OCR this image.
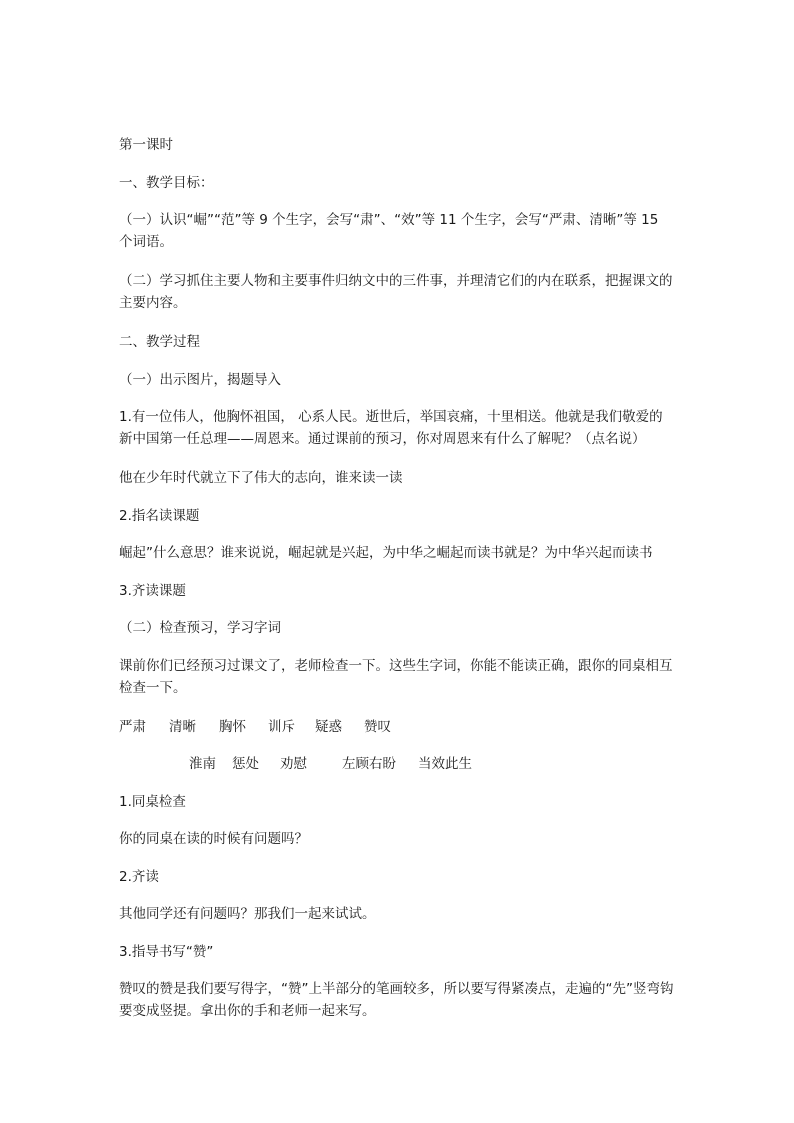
第一课时
一、教学目标：
（一）认识“崛”“范”等 9 个生字，会写“肃”、“效”等 11 个生字，会写“严肃、清晰”等 15 个词语。
（二）学习抓住主要人物和主要事件归纳文中的三件事，并理清它们的内在联系，把握课文的主要内容。
二、教学过程
（一）出示图片，揭题导入
1.有一位伟人，他胸怀祖国， 心系人民。逝世后，举国哀痛，十里相送。他就是我们敬爱的新中国第一任总理——周恩来。通过课前的预习，你对周恩来有什么了解呢？（点名说）
他在少年时代就立下了伟大的志向，谁来读一读
2.指名读课题
崛起”什么意思？谁来说说，崛起就是兴起，为中华之崛起而读书就是？为中华兴起而读书
3.齐读课题
（二）检查预习，学习字词
课前你们已经预习过课文了，老师检查一下。这些生字词，你能不能读正确，跟你的同桌相互检查一下。
严肃	清晰	胸怀	训斥	疑惑	赞叹
淮南	惩处	劝慰	左顾右盼	当效此生
1.同桌检查
你的同桌在读的时候有问题吗？
2.齐读
其他同学还有问题吗？那我们一起来试试。
3.指导书写“赞”
赞叹的赞是我们要写得字，“赞”上半部分的笔画较多，所以要写得紧凑点，走遍的“先”竖弯钩要变成竖提。拿出你的手和老师一起来写。
